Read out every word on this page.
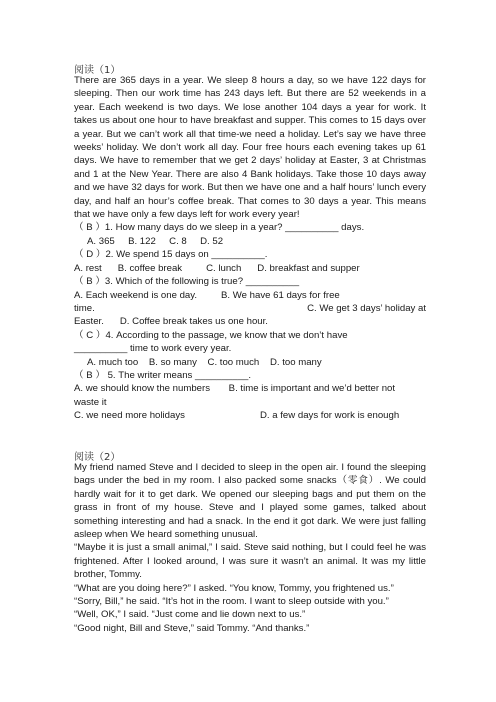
阅读（1）

There are 365 days in a year. We sleep 8 hours a day, so we have 122 days for sleeping. Then our work time has 243 days left. But there are 52 weekends in a year. Each weekend is two days. We lose another 104 days a year for work. It takes us about one hour to have breakfast and supper. This comes to 15 days over a year. But we can’t work all that time-we need a holiday. Let’s say we have three weeks’ holiday. We don’t work all day. Four free hours each evening takes up 61 days. We have to remember that we get 2 days’ holiday at Easter, 3 at Christmas and 1 at the New Year. There are also 4 Bank holidays. Take those 10 days away and we have 32 days for work. But then we have one and a half hours’ lunch every day, and half an hour’s coffee break. That comes to 30 days a year. This means that we have only a few days left for work every year!

（ B ）1. How many days do we sleep in a year? __________ days.

A. 365 B. 122 C. 8 D. 52

（ D ）2. We spend 15 days on __________.

A. rest B. coffee break	C. lunch D. breakfast and supper

（ B ）3. Which of the following is true? __________

A. Each weekend is one day.	B. We have 61 days for free
time.	C. We get 3 days’ holiday at
Easter. D. Coffee break takes us one hour.

（ C ）4. According to the passage, we know that we don’t have

__________ time to work every year.

A. much too B. so many C. too much D. too many

（ B ） 5. The writer means __________.

A. we should know the numbers B. time is important and we’d better not

waste it

C. we need more holidays	D. a few days for work is enough
阅读（2）

My friend named Steve and I decided to sleep in the open air. I found the sleeping bags under the bed in my room. I also packed some snacks（零食）. We could hardly wait for it to get dark. We opened our sleeping bags and put them on the grass in front of my house. Steve and I played some games, talked about something interesting and had a snack. In the end it got dark. We were just falling asleep when We heard something unusual.

“Maybe it is just a small animal,” I said. Steve said nothing, but I could feel he was frightened. After I looked around, I was sure it wasn’t an animal. It was my little brother, Tommy.

“What are you doing here?” I asked. “You know, Tommy, you frightened us.”

“Sorry, Bill,” he said. “It’s hot in the room. I want to sleep outside with you.”

“Well, OK,” I said. “Just come and lie down next to us.”

“Good night, Bill and Steve,” said Tommy. “And thanks.”
